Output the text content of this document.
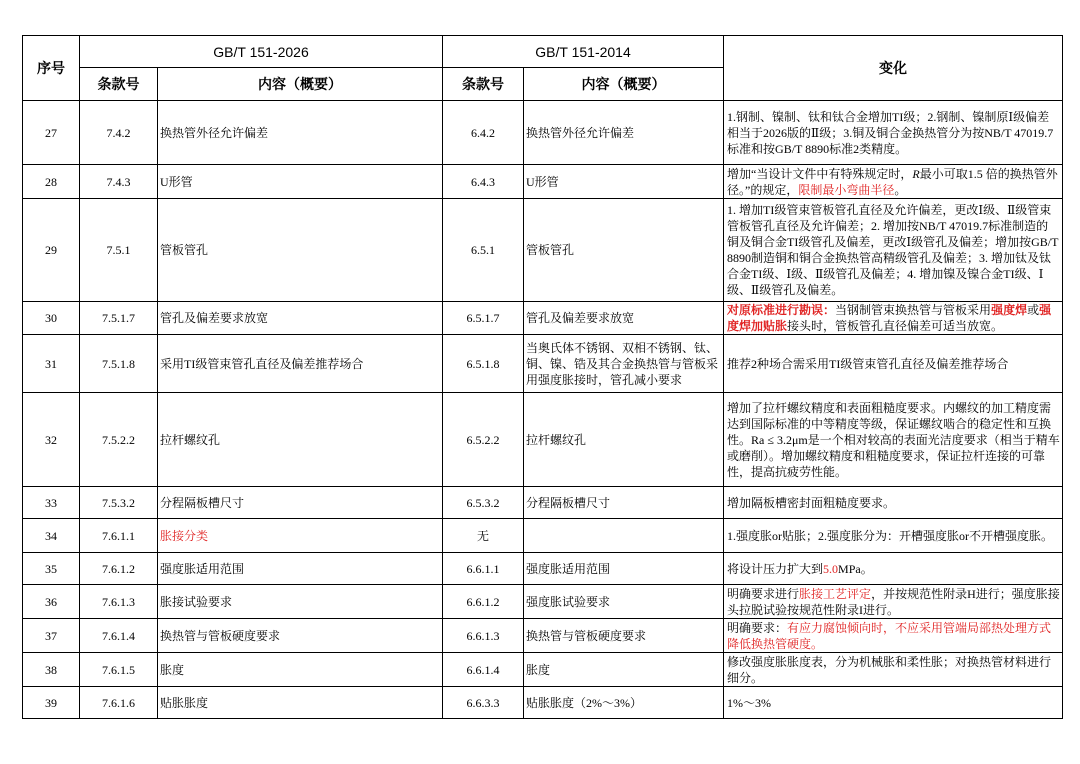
序号	GB/T 151-2026		GB/T 151-2014		变化
	条款号	内容（概要）	条款号	内容（概要）	
27	7.4.2	换热管外径允许偏差	6.4.2	换热管外径允许偏差	1.钢制、镍制、钛和钛合金增加TI级；2.钢制、镍制原Ⅰ级偏差相当于2026版的Ⅱ级；3.铜及铜合金换热管分为按NB/T 47019.7标准和按GB/T 8890标准2类精度。
28	7.4.3	U形管	6.4.3	U形管	增加“当设计文件中有特殊规定时，R最小可取1.5 倍的换热管外径。”的规定，限制最小弯曲半径。
29	7.5.1	管板管孔	6.5.1	管板管孔	1. 增加TI级管束管板管孔直径及允许偏差，更改Ⅰ级、Ⅱ级管束管板管孔直径及允许偏差；2. 增加按NB/T 47019.7标准制造的铜及铜合金TI级管孔及偏差，更改Ⅰ级管孔及偏差；增加按GB/T 8890制造铜和铜合金换热管高精级管孔及偏差；3. 增加钛及钛合金TI级、Ⅰ级、Ⅱ级管孔及偏差；4. 增加镍及镍合金TI级、Ⅰ级、Ⅱ级管孔及偏差。
30	7.5.1.7	管孔及偏差要求放宽	6.5.1.7	管孔及偏差要求放宽	对原标准进行勘误：当钢制管束换热管与管板采用强度焊或强度焊加贴胀接头时，管板管孔直径偏差可适当放宽。
31	7.5.1.8	采用TI级管束管孔直径及偏差推荐场合	6.5.1.8	当奥氏体不锈钢、双相不锈钢、钛、铜、镍、锆及其合金换热管与管板采用强度胀接时，管孔减小要求	推荐2种场合需采用TI级管束管孔直径及偏差推荐场合
32	7.5.2.2	拉杆螺纹孔	6.5.2.2	拉杆螺纹孔	增加了拉杆螺纹精度和表面粗糙度要求。内螺纹的加工精度需达到国际标准的中等精度等级，保证螺纹啮合的稳定性和互换性。Ra ≤ 3.2μm是一个相对较高的表面光洁度要求（相当于精车或磨削）。增加螺纹精度和粗糙度要求，保证拉杆连接的可靠性，提高抗疲劳性能。
33	7.5.3.2	分程隔板槽尺寸	6.5.3.2	分程隔板槽尺寸	增加隔板槽密封面粗糙度要求。
34	7.6.1.1	胀接分类	无		1.强度胀or贴胀；2.强度胀分为：开槽强度胀or不开槽强度胀。
35	7.6.1.2	强度胀适用范围	6.6.1.1	强度胀适用范围	将设计压力扩大到5.0MPa。
36	7.6.1.3	胀接试验要求	6.6.1.2	强度胀试验要求	明确要求进行胀接工艺评定，并按规范性附录H进行；强度胀接头拉脱试验按规范性附录I进行。
37	7.6.1.4	换热管与管板硬度要求	6.6.1.3	换热管与管板硬度要求	明确要求：有应力腐蚀倾向时，不应采用管端局部热处理方式降低换热管硬度。
38	7.6.1.5	胀度	6.6.1.4	胀度	修改强度胀胀度表，分为机械胀和柔性胀；对换热管材料进行细分。
39	7.6.1.6	贴胀胀度	6.6.3.3	贴胀胀度（2%～3%）	1%～3%
